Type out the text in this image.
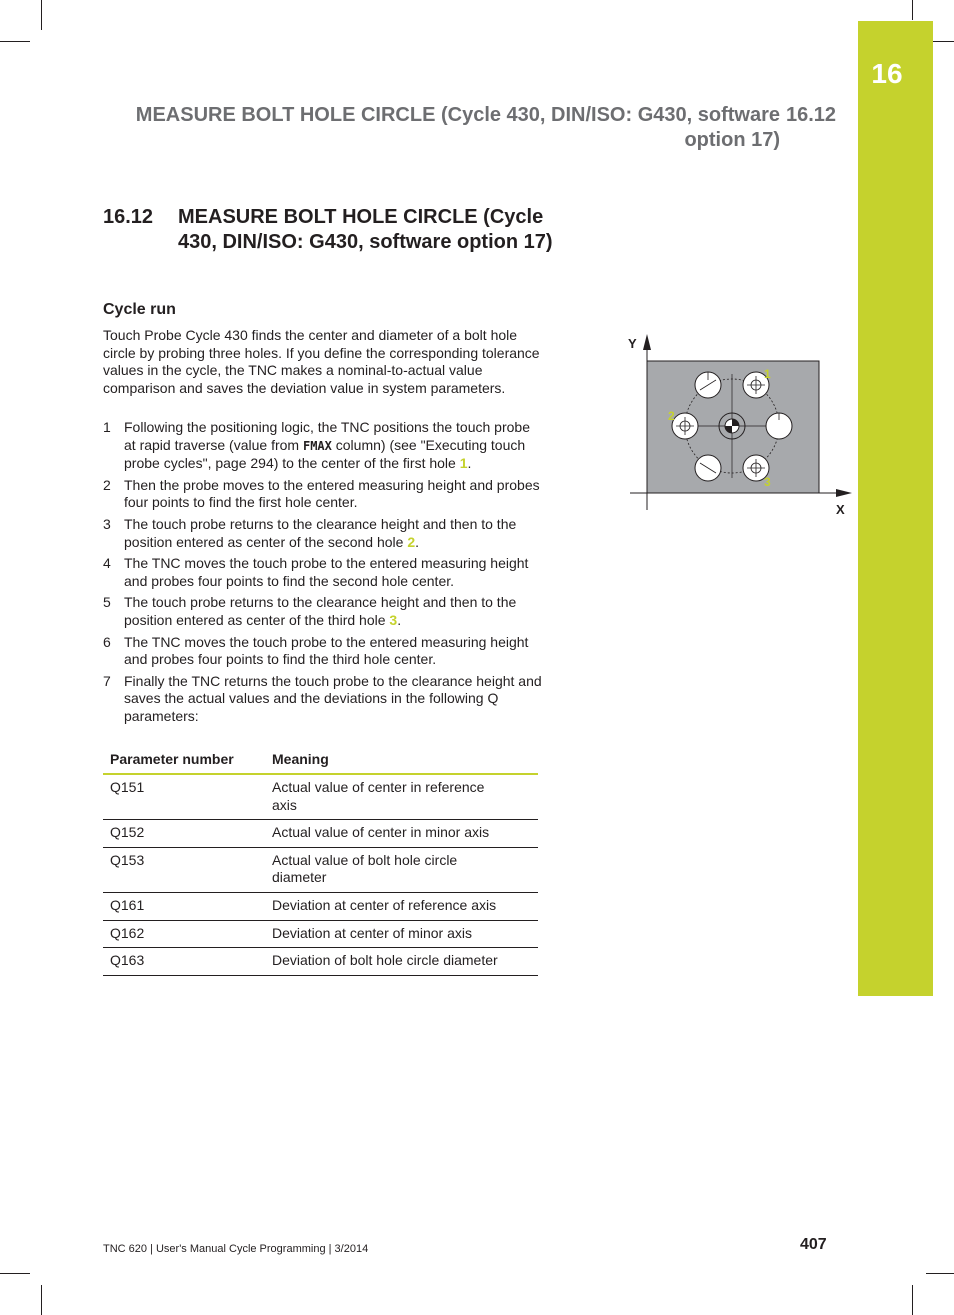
16
MEASURE BOLT HOLE CIRCLE (Cycle 430, DIN/ISO: G430, software option 17)
16.12
16.12 MEASURE BOLT HOLE CIRCLE (Cycle 430, DIN/ISO: G430, software option 17)
Cycle run

Touch Probe Cycle 430 finds the center and diameter of a bolt hole circle by probing three holes. If you define the corresponding tolerance values in the cycle, the TNC makes a nominal-to-actual value comparison and saves the deviation value in system parameters.

1 Following the positioning logic, the TNC positions the touch probe at rapid traverse (value from FMAX column) (see "Executing touch probe cycles", page 294) to the center of the first hole 1.
2 Then the probe moves to the entered measuring height and probes four points to find the first hole center.
3 The touch probe returns to the clearance height and then to the position entered as center of the second hole 2.
4 The TNC moves the touch probe to the entered measuring height and probes four points to find the second hole center.
5 The touch probe returns to the clearance height and then to the position entered as center of the third hole 3.
6 The TNC moves the touch probe to the entered measuring height and probes four points to find the third hole center.
7 Finally the TNC returns the touch probe to the clearance height and saves the actual values and the deviations in the following Q parameters:
Parameter number	Meaning
Q151	Actual value of center in reference axis
Q152	Actual value of center in minor axis
Q153	Actual value of bolt hole circle diameter
Q161	Deviation at center of reference axis
Q162	Deviation at center of minor axis
Q163	Deviation of bolt hole circle diameter
Y
X
1
2
3
TNC 620 | User's Manual Cycle Programming | 3/2014	407
